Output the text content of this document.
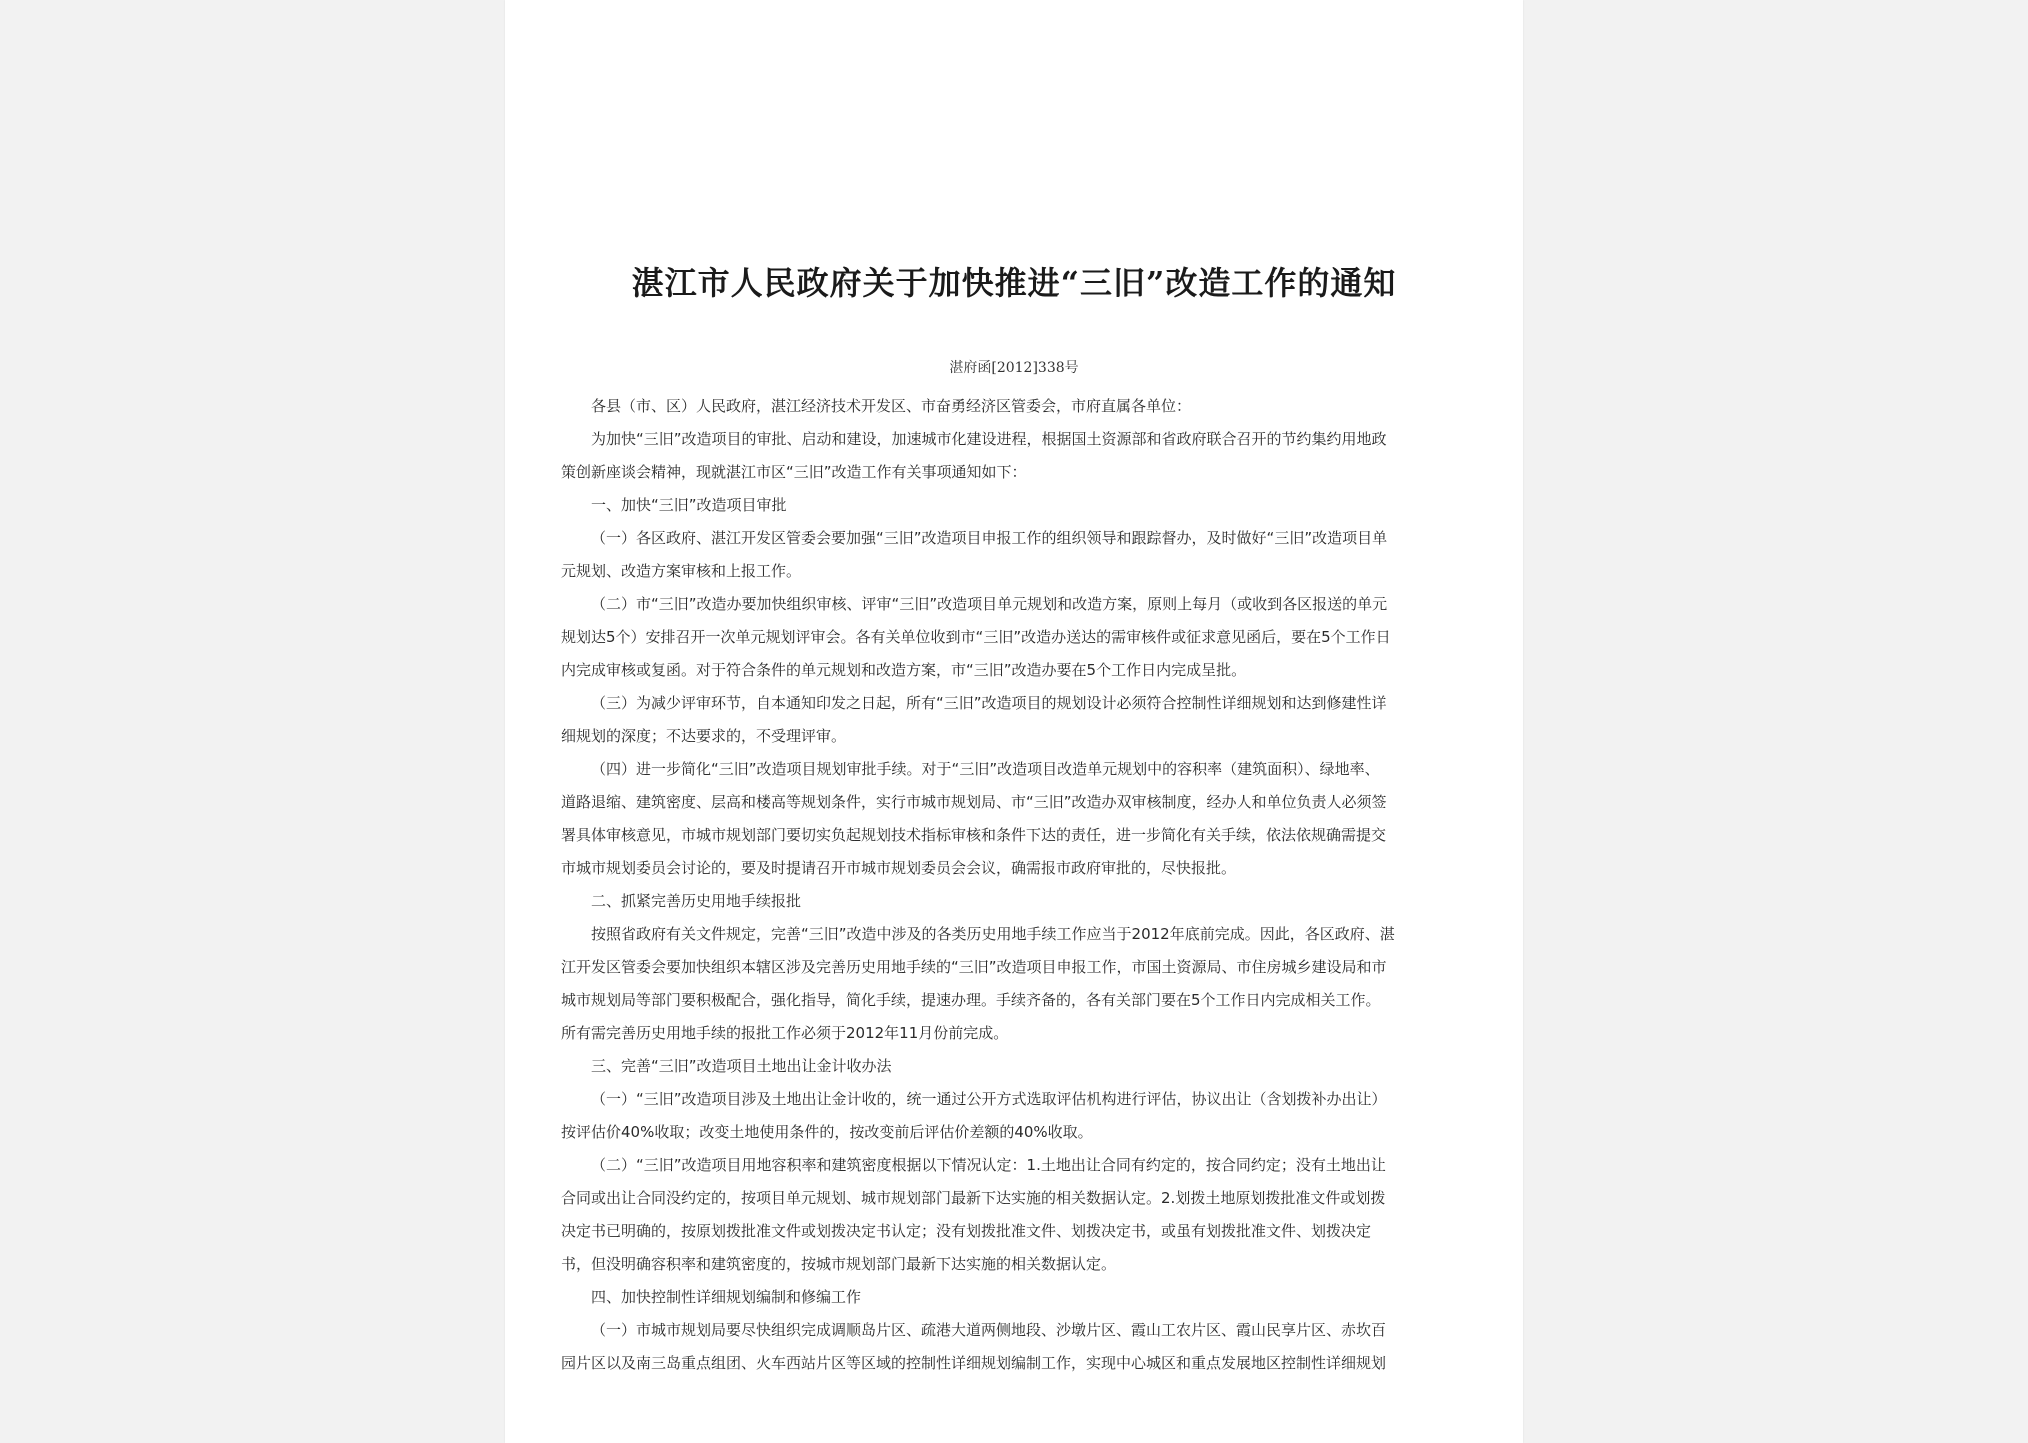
湛江市人民政府关于加快推进“三旧”改造工作的通知
湛府函[2012]338号
各县（市、区）人民政府，湛江经济技术开发区、市奋勇经济区管委会，市府直属各单位：
为加快“三旧”改造项目的审批、启动和建设，加速城市化建设进程，根据国土资源部和省政府联合召开的节约集约用地政
策创新座谈会精神，现就湛江市区“三旧”改造工作有关事项通知如下：
一、加快“三旧”改造项目审批
（一）各区政府、湛江开发区管委会要加强“三旧”改造项目申报工作的组织领导和跟踪督办，及时做好“三旧”改造项目单
元规划、改造方案审核和上报工作。
（二）市“三旧”改造办要加快组织审核、评审“三旧”改造项目单元规划和改造方案，原则上每月（或收到各区报送的单元
规划达5个）安排召开一次单元规划评审会。各有关单位收到市“三旧”改造办送达的需审核件或征求意见函后，要在5个工作日
内完成审核或复函。对于符合条件的单元规划和改造方案，市“三旧”改造办要在5个工作日内完成呈批。
（三）为减少评审环节，自本通知印发之日起，所有“三旧”改造项目的规划设计必须符合控制性详细规划和达到修建性详
细规划的深度；不达要求的，不受理评审。
（四）进一步简化“三旧”改造项目规划审批手续。对于“三旧”改造项目改造单元规划中的容积率（建筑面积）、绿地率、
道路退缩、建筑密度、层高和楼高等规划条件，实行市城市规划局、市“三旧”改造办双审核制度，经办人和单位负责人必须签
署具体审核意见，市城市规划部门要切实负起规划技术指标审核和条件下达的责任，进一步简化有关手续，依法依规确需提交
市城市规划委员会讨论的，要及时提请召开市城市规划委员会会议，确需报市政府审批的，尽快报批。
二、抓紧完善历史用地手续报批
按照省政府有关文件规定，完善“三旧”改造中涉及的各类历史用地手续工作应当于2012年底前完成。因此，各区政府、湛
江开发区管委会要加快组织本辖区涉及完善历史用地手续的“三旧”改造项目申报工作，市国土资源局、市住房城乡建设局和市
城市规划局等部门要积极配合，强化指导，简化手续，提速办理。手续齐备的，各有关部门要在5个工作日内完成相关工作。
所有需完善历史用地手续的报批工作必须于2012年11月份前完成。
三、完善“三旧”改造项目土地出让金计收办法
（一）“三旧”改造项目涉及土地出让金计收的，统一通过公开方式选取评估机构进行评估，协议出让（含划拨补办出让）
按评估价40%收取；改变土地使用条件的，按改变前后评估价差额的40%收取。
（二）“三旧”改造项目用地容积率和建筑密度根据以下情况认定：1.土地出让合同有约定的，按合同约定；没有土地出让
合同或出让合同没约定的，按项目单元规划、城市规划部门最新下达实施的相关数据认定。2.划拨土地原划拨批准文件或划拨
决定书已明确的，按原划拨批准文件或划拨决定书认定；没有划拨批准文件、划拨决定书，或虽有划拨批准文件、划拨决定
书，但没明确容积率和建筑密度的，按城市规划部门最新下达实施的相关数据认定。
四、加快控制性详细规划编制和修编工作
（一）市城市规划局要尽快组织完成调顺岛片区、疏港大道两侧地段、沙墩片区、霞山工农片区、霞山民享片区、赤坎百
园片区以及南三岛重点组团、火车西站片区等区域的控制性详细规划编制工作，实现中心城区和重点发展地区控制性详细规划
